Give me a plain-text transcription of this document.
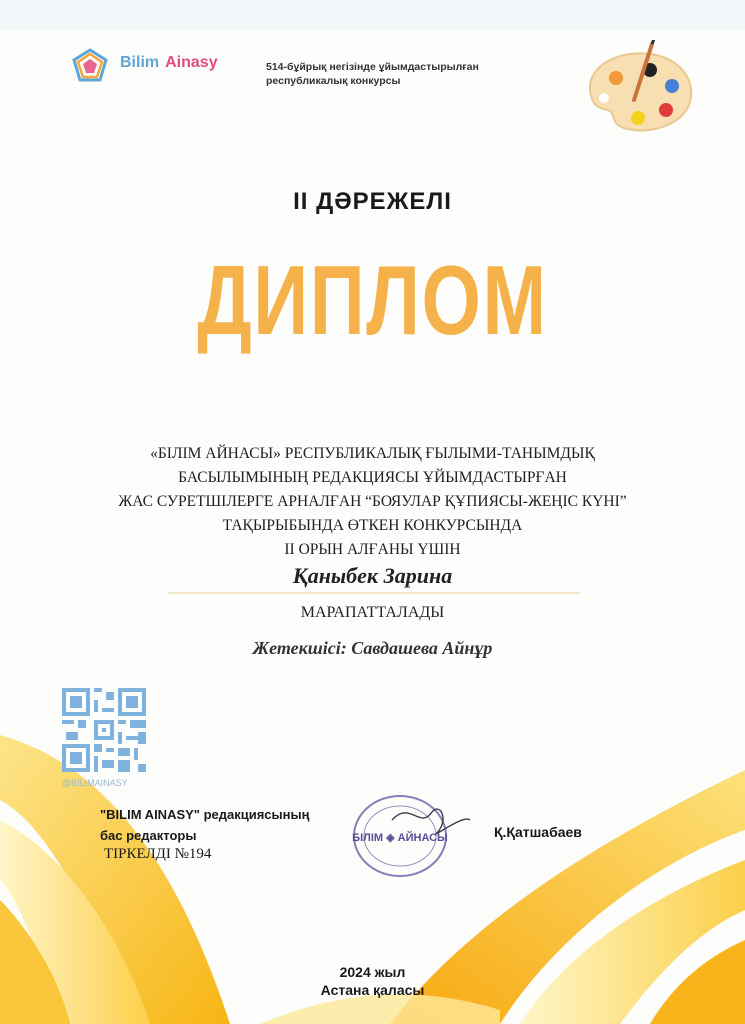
Bilim Ainasy	514-бұйрық негізінде ұйымдастырылған
республикалық конкурсы
II ДӘРЕЖЕЛІ
ДИПЛОМ
«БІЛІМ АЙНАСЫ» РЕСПУБЛИКАЛЫҚ ҒЫЛЫМИ-ТАНЫМДЫҚ
БАСЫЛЫМЫНЫҢ РЕДАКЦИЯСЫ ҰЙЫМДАСТЫРҒАН
ЖАС СУРЕТШІЛЕРГЕ АРНАЛҒАН “БОЯУЛАР ҚҰПИЯСЫ-ЖЕҢІС КҮНІ”
ТАҚЫРЫБЫНДА ӨТКЕН КОНКУРСЫНДА
ІІ ОРЫН АЛҒАНЫ ҮШІН
Қаныбек Зарина
МАРАПАТТАЛАДЫ
Жетекшісі: Савдашева Айнұр
@BILIMAINASY
"BILIM AINASY" редакциясының
бас редакторы
ТІРКЕЛДІ №194
БІЛІМ ◈ АЙНАСЫ	Қ.Қатшабаев
2024 жыл
Астана қаласы
